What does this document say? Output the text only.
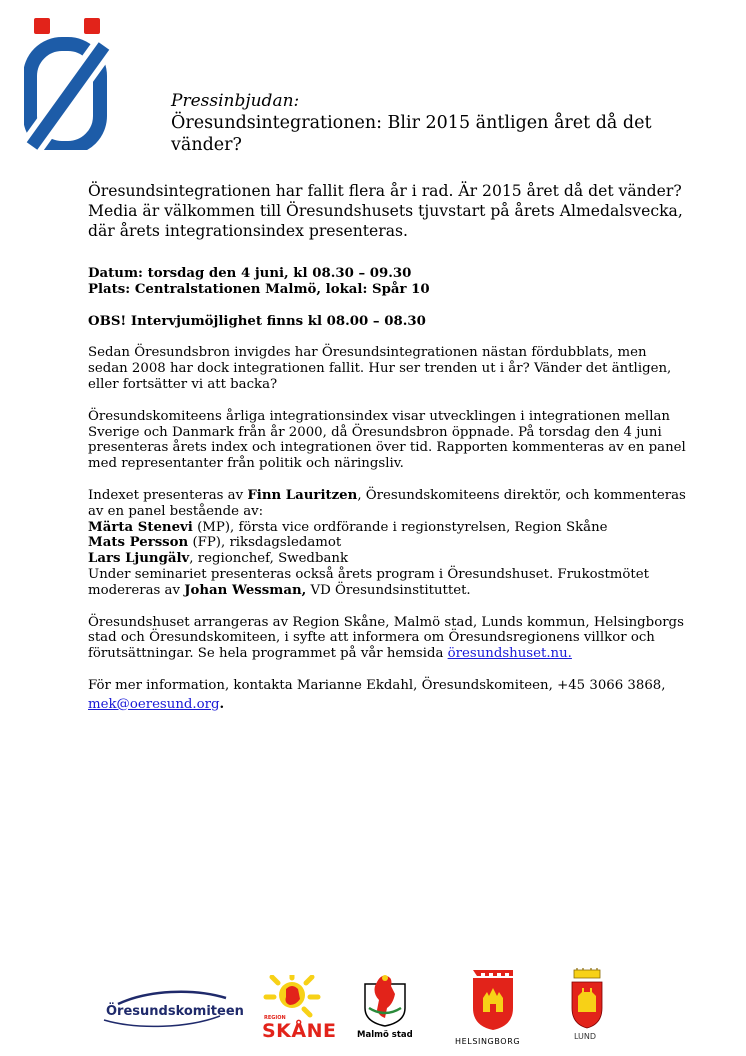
Pressinbjudan:
Öresundsintegrationen: Blir 2015 äntligen året då det
vänder?
Öresundsintegrationen har fallit flera år i rad. Är 2015 året då det vänder?
Media är välkommen till Öresundshusets tjuvstart på årets Almedalsvecka,
där årets integrationsindex presenteras.

Datum: torsdag den 4 juni, kl 08.30 – 09.30

Plats: Centralstationen Malmö, lokal: Spår 10

OBS! Intervjumöjlighet finns kl 08.00 – 08.30

Sedan Öresundsbron invigdes har Öresundsintegrationen nästan fördubblats, men

sedan 2008 har dock integrationen fallit. Hur ser trenden ut i år? Vänder det äntligen,

eller fortsätter vi att backa?

Öresundskomiteens årliga integrationsindex visar utvecklingen i integrationen mellan

Sverige och Danmark från år 2000, då Öresundsbron öppnade. På torsdag den 4 juni

presenteras årets index och integrationen över tid. Rapporten kommenteras av en panel

med representanter från politik och näringsliv.

Indexet presenteras av Finn Lauritzen, Öresundskomiteens direktör, och kommenteras

av en panel bestående av:

Märta Stenevi (MP), första vice ordförande i regionstyrelsen, Region Skåne

Mats Persson (FP), riksdagsledamot

Lars Ljungälv, regionchef, Swedbank

Under seminariet presenteras också årets program i Öresundshuset. Frukostmötet

modereras av Johan Wessman, VD Öresundsinstituttet.

Öresundshuset arrangeras av Region Skåne, Malmö stad, Lunds kommun, Helsingborgs

stad och Öresundskomiteen, i syfte att informera om Öresundsregionens villkor och

förutsättningar. Se hela programmet på vår hemsida öresundshuset.nu.

För mer information, kontakta Marianne Ekdahl, Öresundskomiteen, +45 3066 3868,

mek@oeresund.org.

Öresundskomiteen	REGION
SKÅNE Malmö stad
HELSINGBORG
LUND
